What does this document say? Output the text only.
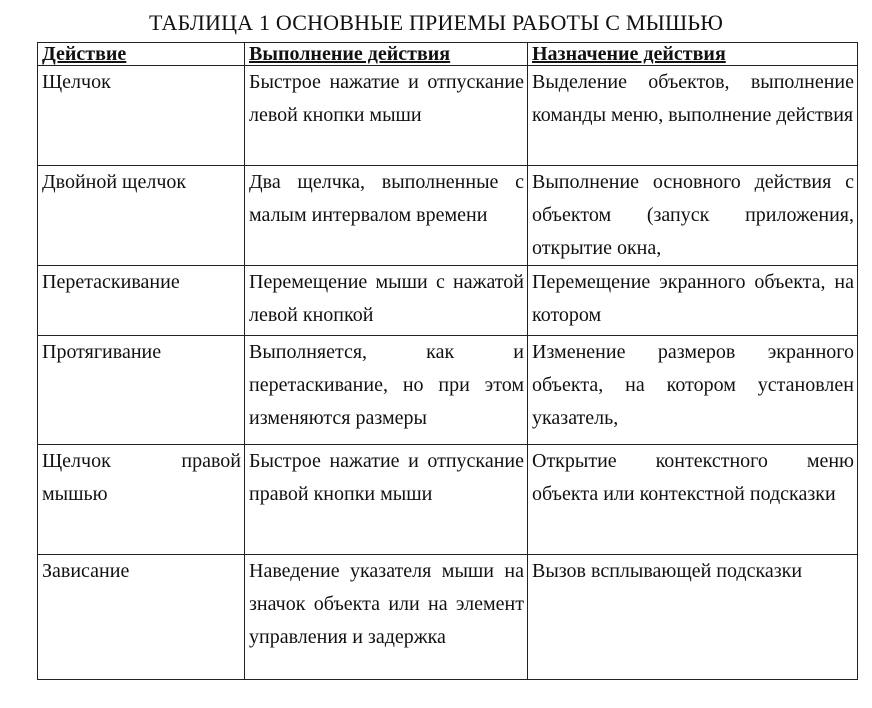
ТАБЛИЦА 1 ОСНОВНЫЕ ПРИЕМЫ РАБОТЫ С МЫШЬЮ
Действие	Выполнение действия	Назначение действия
Щелчок	Быстрое нажатие и отпускание левой кнопки мыши	Выделение объектов, выполнение команды меню, выполнение действия
Двойной щелчок	Два щелчка, выполненные с малым интервалом времени	Выполнение основного действия с объектом (запуск приложения, открытие окна,
Перетаскивание	Перемещение мыши с нажатой левой кнопкой	Перемещение экранного объекта, на котором
Протягивание	Выполняется, как и перетаскивание, но при этом изменяются размеры	Изменение размеров экранного объекта, на котором установлен указатель,
Щелчок правой мышью	Быстрое нажатие и отпускание правой кнопки мыши	Открытие контекстного меню объекта или контекстной подсказки
Зависание	Наведение указателя мыши на значок объекта или на элемент управления и задержка	Вызов всплывающей подсказки
